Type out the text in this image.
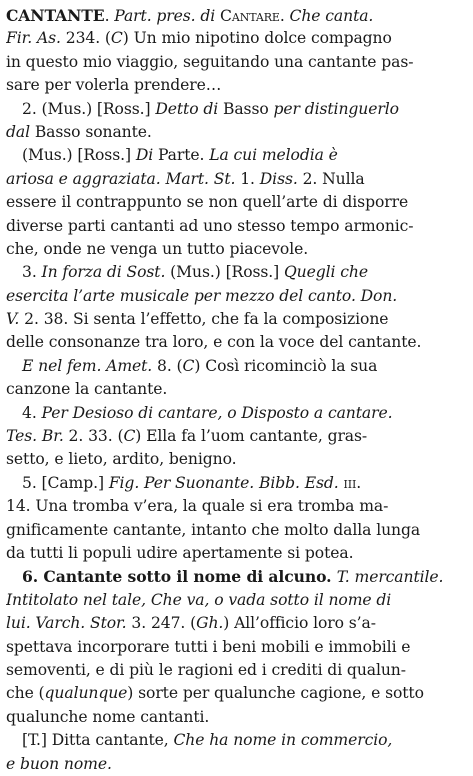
CANTANTE. Part. pres. di Cantare. Che canta.
Fir. As. 234. (C) Un mio nipotino dolce compagno
in questo mio viaggio, seguitando una cantante pas-
sare per volerla prendere…
2. (Mus.) [Ross.] Detto di Basso per distinguerlo
dal Basso sonante.
(Mus.) [Ross.] Di Parte. La cui melodia è
ariosa e aggraziata. Mart. St. 1. Diss. 2. Nulla
essere il contrappunto se non quell’arte di disporre
diverse parti cantanti ad uno stesso tempo armonic-
che, onde ne venga un tutto piacevole.
3. In forza di Sost. (Mus.) [Ross.] Quegli che
esercita l’arte musicale per mezzo del canto. Don.
V. 2. 38. Si senta l’effetto, che fa la composizione
delle consonanze tra loro, e con la voce del cantante.
E nel fem. Amet. 8. (C) Così ricominciò la sua
canzone la cantante.
4. Per Desioso di cantare, o Disposto a cantare.
Tes. Br. 2. 33. (C) Ella fa l’uom cantante, gras-
setto, e lieto, ardito, benigno.
5. [Camp.] Fig. Per Suonante. Bibb. Esd. iii.
14. Una tromba v’era, la quale si era tromba ma-
gnificamente cantante, intanto che molto dalla lunga
da tutti li populi udire apertamente si potea.
6. Cantante sotto il nome di alcuno. T. mercantile.
Intitolato nel tale, Che va, o vada sotto il nome di
lui. Varch. Stor. 3. 247. (Gh.) All’officio loro s’a-
spettava incorporare tutti i beni mobili e immobili e
semoventi, e di più le ragioni ed i crediti di qualun-
che (qualunque) sorte per qualunche cagione, e sotto
qualunche nome cantanti.
[T.] Ditta cantante, Che ha nome in commercio,
e buon nome.
